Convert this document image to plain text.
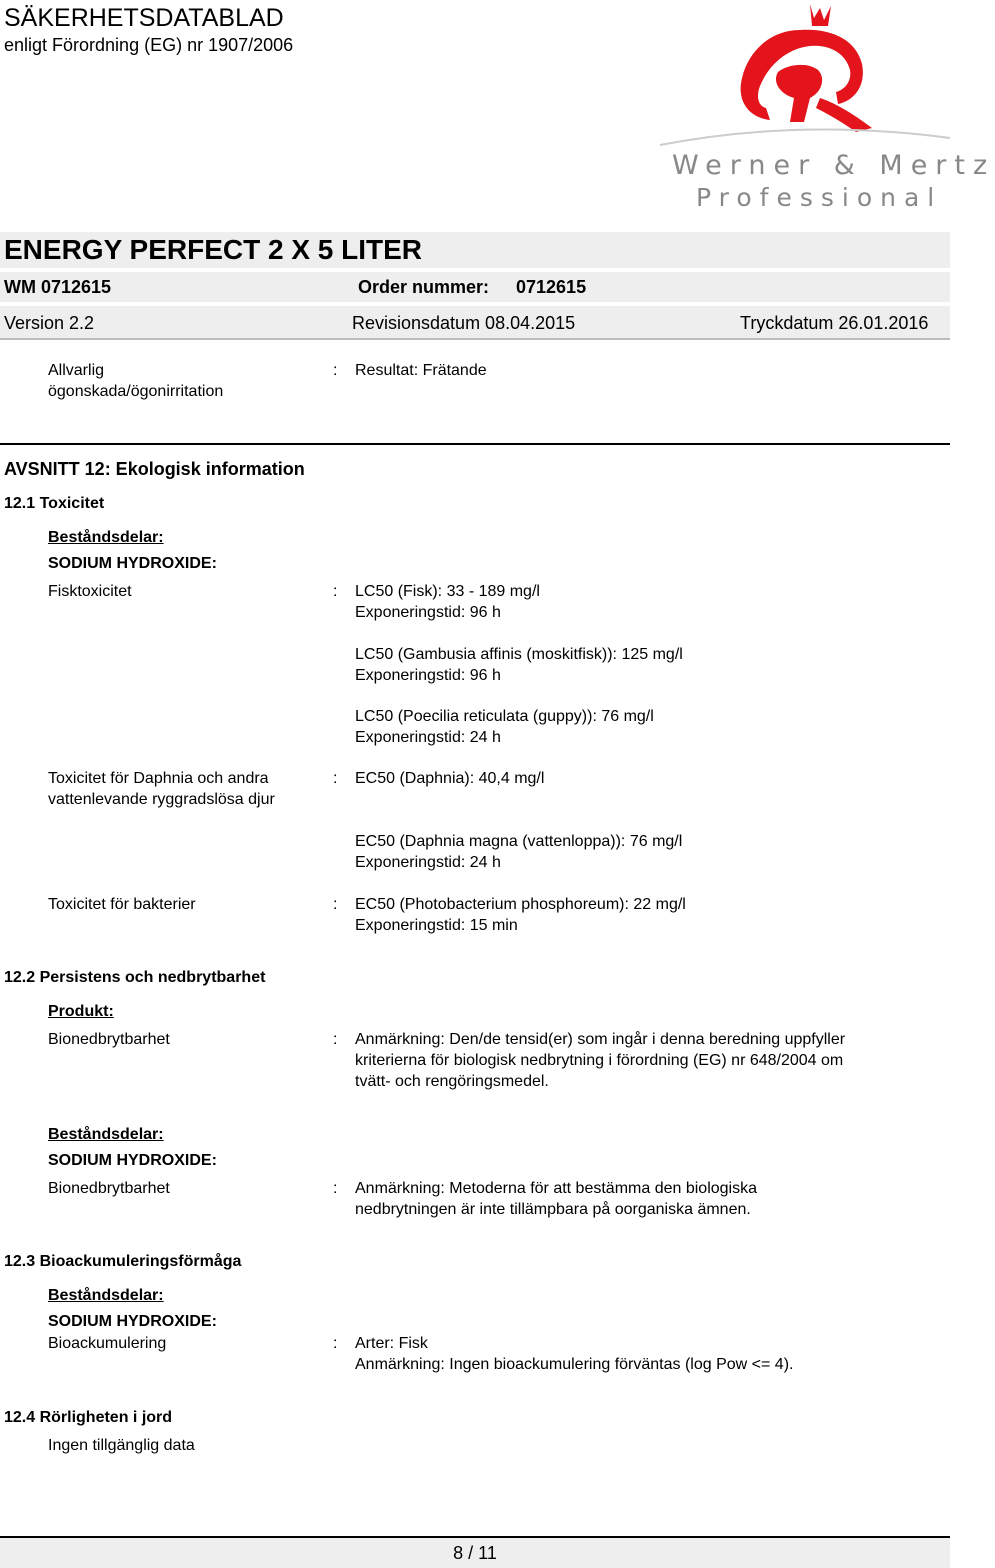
SÄKERHETSDATABLAD
enligt Förordning (EG) nr 1907/2006
Werner & Mertz
Professional
ENERGY PERFECT 2 X 5 LITER
WM 0712615	Order nummer: 0712615
Version 2.2	Revisionsdatum 08.04.2015	Tryckdatum 26.01.2016
Allvarlig
ögonskada/ögonirritation
: Resultat: Frätande
AVSNITT 12: Ekologisk information
12.1 Toxicitet
Beståndsdelar:
SODIUM HYDROXIDE:
Fisktoxicitet	: LC50 (Fisk): 33 - 189 mg/l
Exponeringstid: 96 h
LC50 (Gambusia affinis (moskitfisk)): 125 mg/l
Exponeringstid: 96 h
LC50 (Poecilia reticulata (guppy)): 76 mg/l
Exponeringstid: 24 h
Toxicitet för Daphnia och andra
vattenlevande ryggradslösa djur
: EC50 (Daphnia): 40,4 mg/l
EC50 (Daphnia magna (vattenloppa)): 76 mg/l
Exponeringstid: 24 h
Toxicitet för bakterier	: EC50 (Photobacterium phosphoreum): 22 mg/l
Exponeringstid: 15 min
12.2 Persistens och nedbrytbarhet
Produkt:
Bionedbrytbarhet	: Anmärkning: Den/de tensid(er) som ingår i denna beredning uppfyller
kriterierna för biologisk nedbrytning i förordning (EG) nr 648/2004 om
tvätt- och rengöringsmedel.
Beståndsdelar:
SODIUM HYDROXIDE:
Bionedbrytbarhet	: Anmärkning: Metoderna för att bestämma den biologiska
nedbrytningen är inte tillämpbara på oorganiska ämnen.
12.3 Bioackumuleringsförmåga
Beståndsdelar:
SODIUM HYDROXIDE:
Bioackumulering	: Arter: Fisk
Anmärkning: Ingen bioackumulering förväntas (log Pow <= 4).
12.4 Rörligheten i jord
Ingen tillgänglig data
8 / 11
